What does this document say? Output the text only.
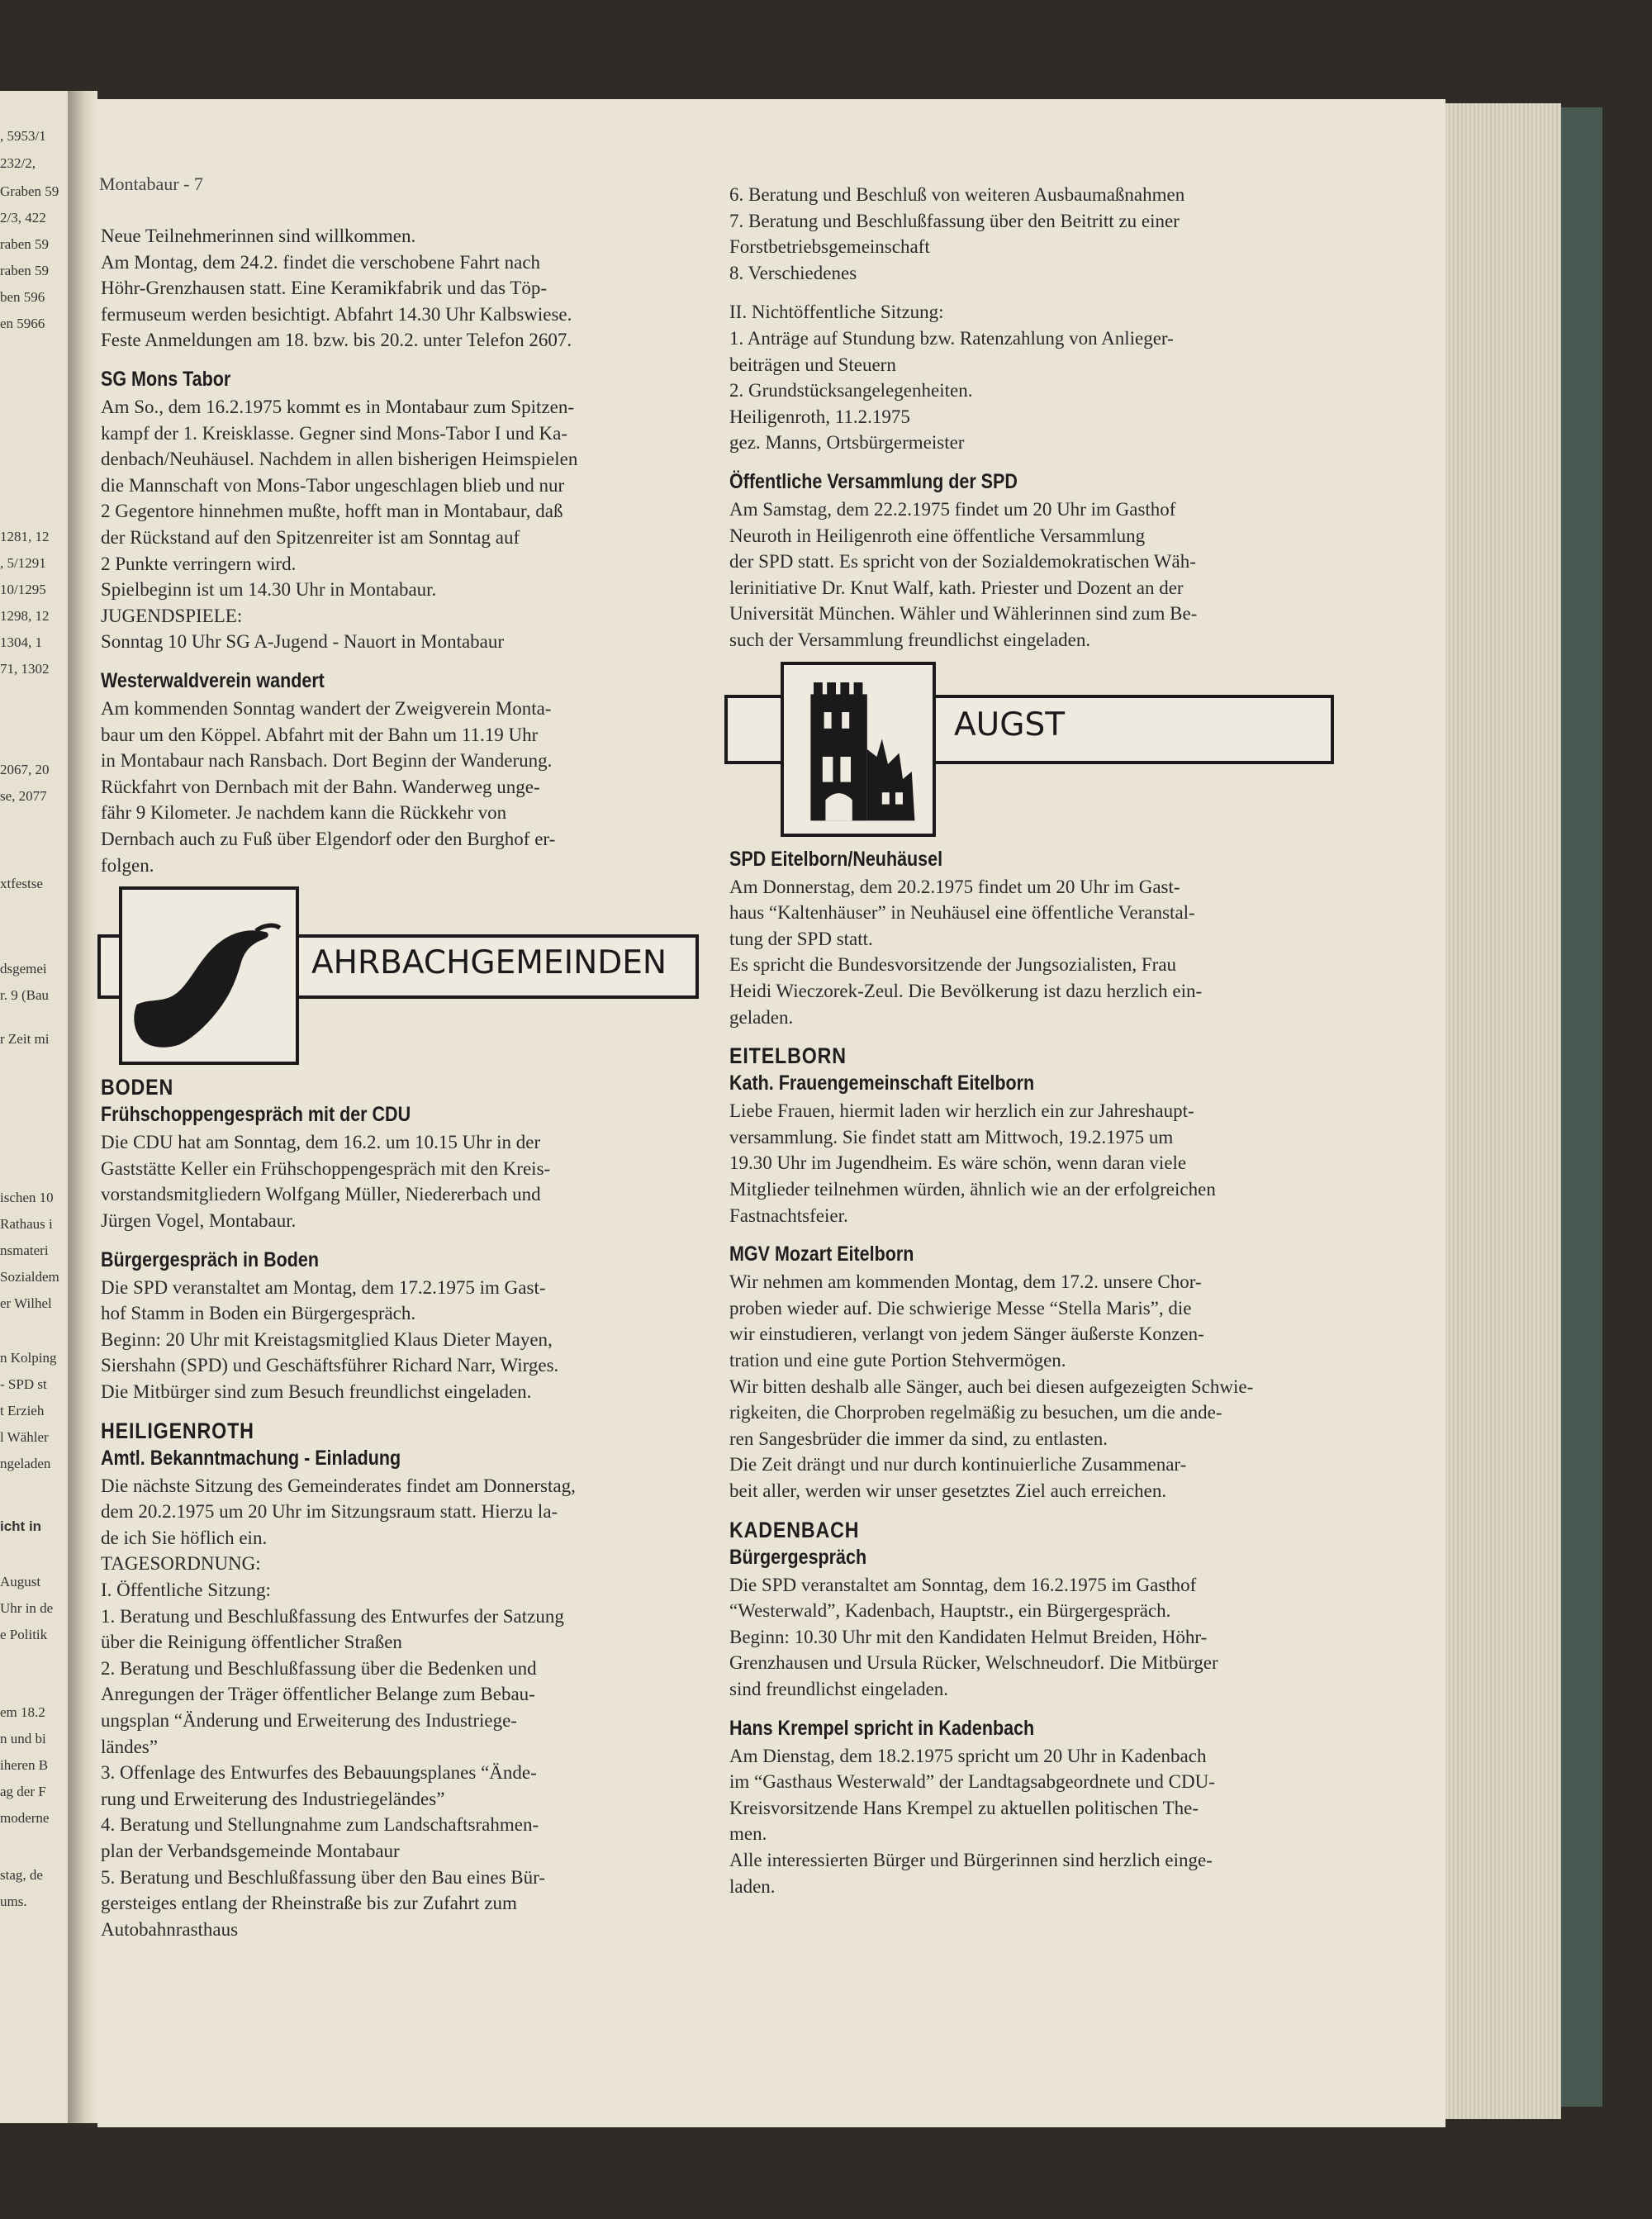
, 5953/1
232/2,
Graben 59
2/3, 422
raben 59
raben 59
ben 596
en 5966
1281, 12
, 5/1291
10/1295
1298, 12
1304, 1
71, 1302
2067, 20
se, 2077
xtfestse
dsgemei
r. 9 (Bau
r Zeit mi
ischen 10
Rathaus i
nsmateri
Sozialdem
er Wilhel
n Kolping
- SPD st
t Erzieh
l Wähler
ngeladen
icht in
August
Uhr in de
e Politik
em 18.2
n und bi
iheren B
ag der F
moderne
stag, de
ums.
Montabaur - 7
Neue Teilnehmerinnen sind willkommen.
Am Montag, dem 24.2. findet die verschobene Fahrt nach
Höhr-Grenzhausen statt. Eine Keramikfabrik und das Töp-
fermuseum werden besichtigt. Abfahrt 14.30 Uhr Kalbswiese.
Feste Anmeldungen am 18. bzw. bis 20.2. unter Telefon 2607.
SG Mons Tabor
Am So., dem 16.2.1975 kommt es in Montabaur zum Spitzen-
kampf der 1. Kreisklasse. Gegner sind Mons-Tabor I und Ka-
denbach/Neuhäusel. Nachdem in allen bisherigen Heimspielen
die Mannschaft von Mons-Tabor ungeschlagen blieb und nur
2 Gegentore hinnehmen mußte, hofft man in Montabaur, daß
der Rückstand auf den Spitzenreiter ist am Sonntag auf
2 Punkte verringern wird.
Spielbeginn ist um 14.30 Uhr in Montabaur.
JUGENDSPIELE:
Sonntag 10 Uhr SG A-Jugend - Nauort in Montabaur
Westerwaldverein wandert
Am kommenden Sonntag wandert der Zweigverein Monta-
baur um den Köppel. Abfahrt mit der Bahn um 11.19 Uhr
in Montabaur nach Ransbach. Dort Beginn der Wanderung.
Rückfahrt von Dernbach mit der Bahn. Wanderweg unge-
fähr 9 Kilometer. Je nachdem kann die Rückkehr von
Dernbach auch zu Fuß über Elgendorf oder den Burghof er-
folgen.
AHRBACHGEMEINDEN
BODEN
Frühschoppengespräch mit der CDU
Die CDU hat am Sonntag, dem 16.2. um 10.15 Uhr in der
Gaststätte Keller ein Frühschoppengespräch mit den Kreis-
vorstandsmitgliedern Wolfgang Müller, Niedererbach und
Jürgen Vogel, Montabaur.
Bürgergespräch in Boden
Die SPD veranstaltet am Montag, dem 17.2.1975 im Gast-
hof Stamm in Boden ein Bürgergespräch.
Beginn: 20 Uhr mit Kreistagsmitglied Klaus Dieter Mayen,
Siershahn (SPD) und Geschäftsführer Richard Narr, Wirges.
Die Mitbürger sind zum Besuch freundlichst eingeladen.
HEILIGENROTH
Amtl. Bekanntmachung - Einladung
Die nächste Sitzung des Gemeinderates findet am Donnerstag,
dem 20.2.1975 um 20 Uhr im Sitzungsraum statt. Hierzu la-
de ich Sie höflich ein.
TAGESORDNUNG:
I. Öffentliche Sitzung:
1. Beratung und Beschlußfassung des Entwurfes der Satzung
über die Reinigung öffentlicher Straßen
2. Beratung und Beschlußfassung über die Bedenken und
Anregungen der Träger öffentlicher Belange zum Bebau-
ungsplan “Änderung und Erweiterung des Industriege-
ländes”
3. Offenlage des Entwurfes des Bebauungsplanes “Ände-
rung und Erweiterung des Industriegeländes”
4. Beratung und Stellungnahme zum Landschaftsrahmen-
plan der Verbandsgemeinde Montabaur
5. Beratung und Beschlußfassung über den Bau eines Bür-
gersteiges entlang der Rheinstraße bis zur Zufahrt zum
Autobahnrasthaus
6. Beratung und Beschluß von weiteren Ausbaumaßnahmen
7. Beratung und Beschlußfassung über den Beitritt zu einer
Forstbetriebsgemeinschaft
8. Verschiedenes
II. Nichtöffentliche Sitzung:
1. Anträge auf Stundung bzw. Ratenzahlung von Anlieger-
beiträgen und Steuern
2. Grundstücksangelegenheiten.
Heiligenroth, 11.2.1975
gez. Manns, Ortsbürgermeister
Öffentliche Versammlung der SPD
Am Samstag, dem 22.2.1975 findet um 20 Uhr im Gasthof
Neuroth in Heiligenroth eine öffentliche Versammlung
der SPD statt. Es spricht von der Sozialdemokratischen Wäh-
lerinitiative Dr. Knut Walf, kath. Priester und Dozent an der
Universität München. Wähler und Wählerinnen sind zum Be-
such der Versammlung freundlichst eingeladen.
AUGST
SPD Eitelborn/Neuhäusel
Am Donnerstag, dem 20.2.1975 findet um 20 Uhr im Gast-
haus “Kaltenhäuser” in Neuhäusel eine öffentliche Veranstal-
tung der SPD statt.
Es spricht die Bundesvorsitzende der Jungsozialisten, Frau
Heidi Wieczorek-Zeul. Die Bevölkerung ist dazu herzlich ein-
geladen.
EITELBORN
Kath. Frauengemeinschaft Eitelborn
Liebe Frauen, hiermit laden wir herzlich ein zur Jahreshaupt-
versammlung. Sie findet statt am Mittwoch, 19.2.1975 um
19.30 Uhr im Jugendheim. Es wäre schön, wenn daran viele
Mitglieder teilnehmen würden, ähnlich wie an der erfolgreichen
Fastnachtsfeier.
MGV Mozart Eitelborn
Wir nehmen am kommenden Montag, dem 17.2. unsere Chor-
proben wieder auf. Die schwierige Messe “Stella Maris”, die
wir einstudieren, verlangt von jedem Sänger äußerste Konzen-
tration und eine gute Portion Stehvermögen.
Wir bitten deshalb alle Sänger, auch bei diesen aufgezeigten Schwie-
rigkeiten, die Chorproben regelmäßig zu besuchen, um die ande-
ren Sangesbrüder die immer da sind, zu entlasten.
Die Zeit drängt und nur durch kontinuierliche Zusammenar-
beit aller, werden wir unser gesetztes Ziel auch erreichen.
KADENBACH
Bürgergespräch
Die SPD veranstaltet am Sonntag, dem 16.2.1975 im Gasthof
“Westerwald”, Kadenbach, Hauptstr., ein Bürgergespräch.
Beginn: 10.30 Uhr mit den Kandidaten Helmut Breiden, Höhr-
Grenzhausen und Ursula Rücker, Welschneudorf. Die Mitbürger
sind freundlichst eingeladen.
Hans Krempel spricht in Kadenbach
Am Dienstag, dem 18.2.1975 spricht um 20 Uhr in Kadenbach
im “Gasthaus Westerwald” der Landtagsabgeordnete und CDU-
Kreisvorsitzende Hans Krempel zu aktuellen politischen The-
men.
Alle interessierten Bürger und Bürgerinnen sind herzlich einge-
laden.
